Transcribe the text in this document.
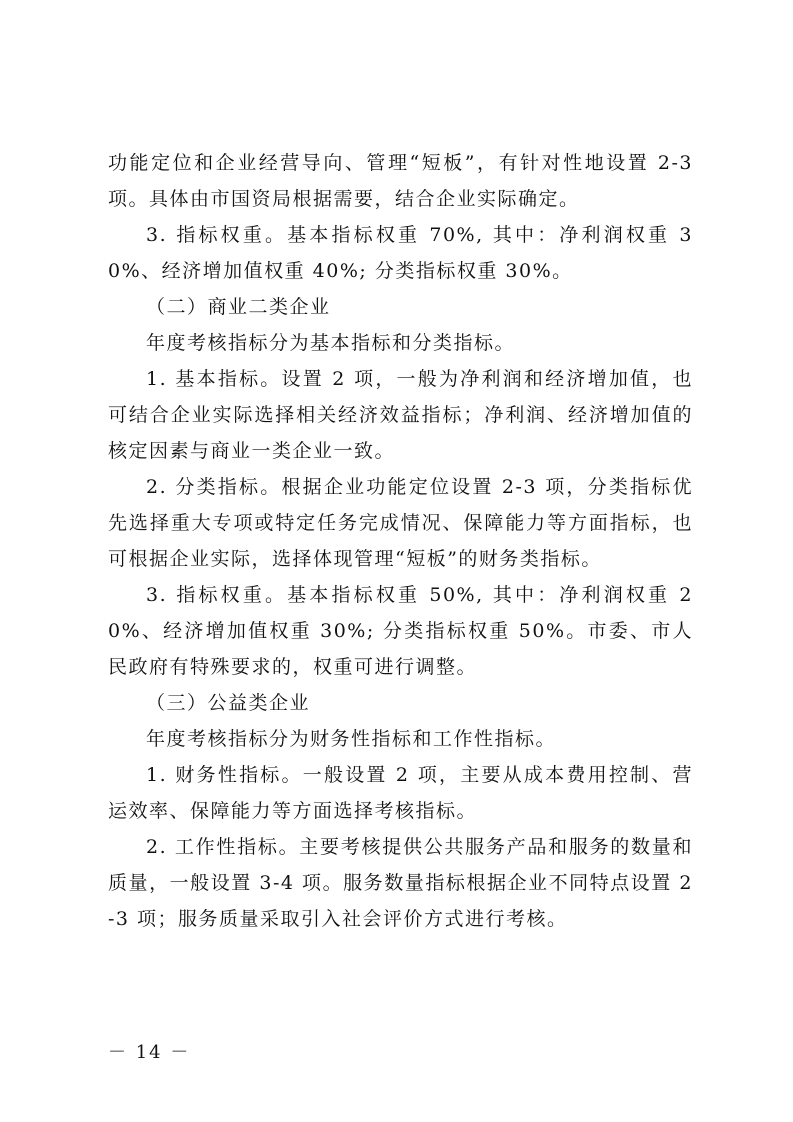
功能定位和企业经营导向、管理“短板”，有针对性地设置 2-3 项。具体由市国资局根据需要，结合企业实际确定。

3. 指标权重。基本指标权重 70%, 其中：净利润权重 30%、经济增加值权重 40%; 分类指标权重 30%。

（二）商业二类企业

年度考核指标分为基本指标和分类指标。

1. 基本指标。设置 2 项，一般为净利润和经济增加值，也可结合企业实际选择相关经济效益指标；净利润、经济增加值的核定因素与商业一类企业一致。

2. 分类指标。根据企业功能定位设置 2-3 项，分类指标优先选择重大专项或特定任务完成情况、保障能力等方面指标，也可根据企业实际，选择体现管理“短板”的财务类指标。

3. 指标权重。基本指标权重 50%, 其中：净利润权重 20%、经济增加值权重 30%; 分类指标权重 50%。市委、市人民政府有特殊要求的，权重可进行调整。

（三）公益类企业

年度考核指标分为财务性指标和工作性指标。

1. 财务性指标。一般设置 2 项，主要从成本费用控制、营运效率、保障能力等方面选择考核指标。

2. 工作性指标。主要考核提供公共服务产品和服务的数量和 质量，一般设置 3-4 项。服务数量指标根据企业不同特点设置 2-3 项；服务质量采取引入社会评价方式进行考核。

－ 14 －
